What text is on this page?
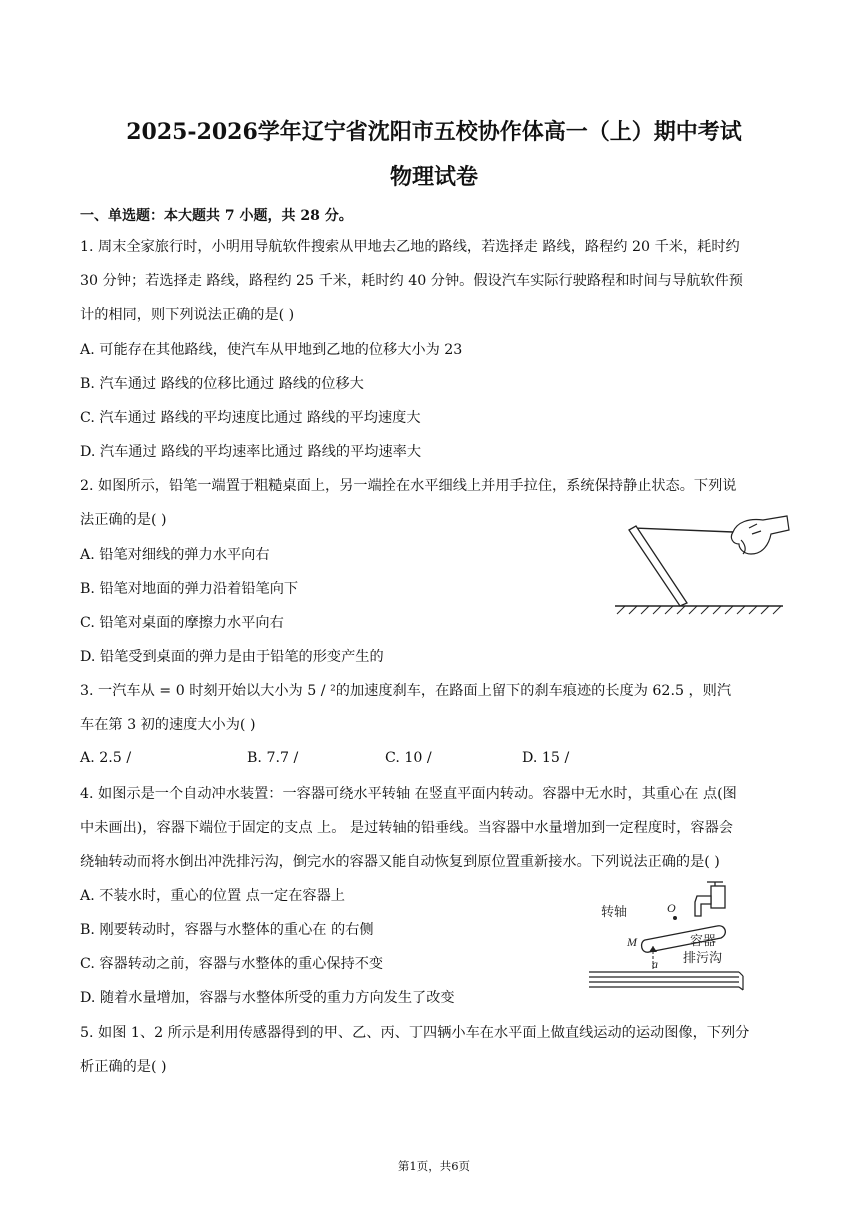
2025-2026学年辽宁省沈阳市五校协作体高一（上）期中考试
物理试卷
一、单选题：本大题共 7 小题，共 28 分。
1. 周末全家旅行时，小明用导航软件搜索从甲地去乙地的路线，若选择走 路线，路程约 20 千米，耗时约
30 分钟；若选择走 路线，路程约 25 千米，耗时约 40 分钟。假设汽车实际行驶路程和时间与导航软件预
计的相同，则下列说法正确的是( )
A. 可能存在其他路线，使汽车从甲地到乙地的位移大小为 23
B. 汽车通过 路线的位移比通过 路线的位移大
C. 汽车通过 路线的平均速度比通过 路线的平均速度大
D. 汽车通过 路线的平均速率比通过 路线的平均速率大
2. 如图所示，铅笔一端置于粗糙桌面上，另一端拴在水平细线上并用手拉住，系统保持静止状态。下列说
法正确的是( )
A. 铅笔对细线的弹力水平向右
B. 铅笔对地面的弹力沿着铅笔向下
C. 铅笔对桌面的摩擦力水平向右
D. 铅笔受到桌面的弹力是由于铅笔的形变产生的
3. 一汽车从 = 0 时刻开始以大小为 5 / ²的加速度刹车，在路面上留下的刹车痕迹的长度为 62.5 ，则汽
车在第 3 初的速度大小为( )
A. 2.5 /	B. 7.7 /	C. 10 /	D. 15 /
4. 如图示是一个自动冲水装置：一容器可绕水平转轴 在竖直平面内转动。容器中无水时，其重心在 点(图
中未画出)，容器下端位于固定的支点 上。 是过转轴的铅垂线。当容器中水量增加到一定程度时，容器会
绕轴转动而将水倒出冲洗排污沟，倒完水的容器又能自动恢复到原位置重新接水。下列说法正确的是( )
A. 不装水时，重心的位置 点一定在容器上
B. 刚要转动时，容器与水整体的重心在 的右侧
C. 容器转动之前，容器与水整体的重心保持不变
D. 随着水量增加，容器与水整体所受的重力方向发生了改变
转轴	O
容器
M
a 排污沟
5. 如图 1、2 所示是利用传感器得到的甲、乙、丙、丁四辆小车在水平面上做直线运动的运动图像，下列分
析正确的是( )
第1页，共6页
